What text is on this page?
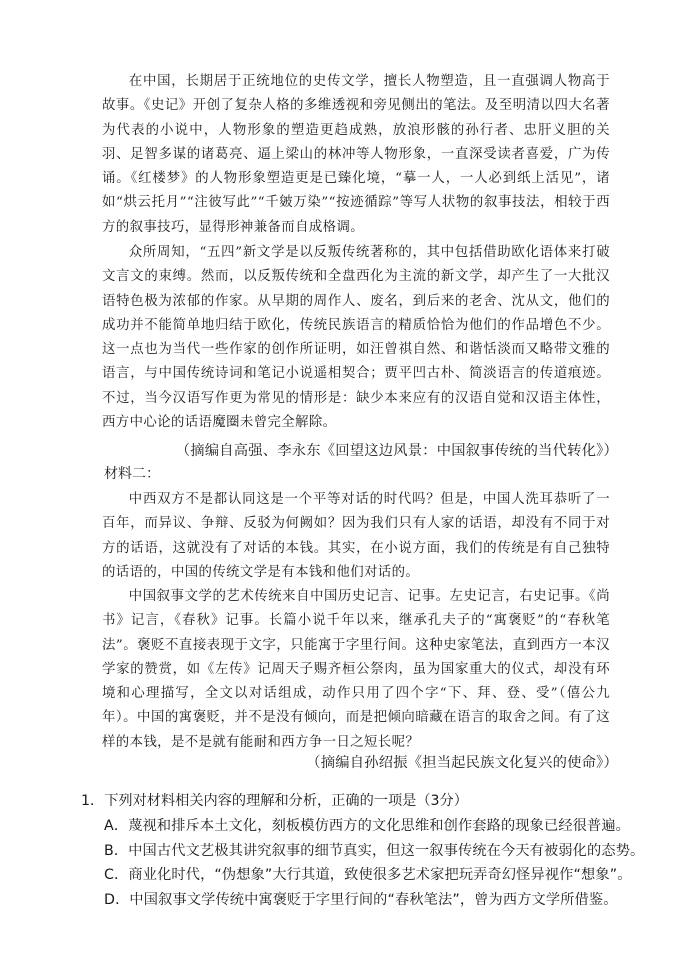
在中国，长期居于正统地位的史传文学，擅长人物塑造，且一直强调人物高于故事。《史记》开创了复杂人格的多维透视和旁见侧出的笔法。及至明清以四大名著为代表的小说中，人物形象的塑造更趋成熟，放浪形骸的孙行者、忠肝义胆的关羽、足智多谋的诸葛亮、逼上梁山的林冲等人物形象，一直深受读者喜爱，广为传诵。《红楼梦》的人物形象塑造更是已臻化境，“摹一人，一人必到纸上活见”，诸如“烘云托月”“注彼写此”“千皴万染”“按迹循踪”等写人状物的叙事技法，相较于西方的叙事技巧，显得形神兼备而自成格调。

众所周知，“五四”新文学是以反叛传统著称的，其中包括借助欧化语体来打破文言文的束缚。然而，以反叛传统和全盘西化为主流的新文学，却产生了一大批汉语特色极为浓郁的作家。从早期的周作人、废名，到后来的老舍、沈从文，他们的成功并不能简单地归结于欧化，传统民族语言的精质恰恰为他们的作品增色不少。这一点也为当代一些作家的创作所证明，如汪曾祺自然、和谐恬淡而又略带文雅的语言，与中国传统诗词和笔记小说遥相契合；贾平凹古朴、简淡语言的传道痕迹。不过，当今汉语写作更为常见的情形是：缺少本来应有的汉语自觉和汉语主体性，西方中心论的话语魔圈未曾完全解除。

（摘编自高强、李永东《回望这边风景：中国叙事传统的当代转化》）
材料二：

中西双方不是都认同这是一个平等对话的时代吗？但是，中国人洗耳恭听了一百年，而异议、争辩、反驳为何阙如？因为我们只有人家的话语，却没有不同于对方的话语，这就没有了对话的本钱。其实，在小说方面，我们的传统是有自己独特的话语的，中国的传统文学是有本钱和他们对话的。

中国叙事文学的艺术传统来自中国历史记言、记事。左史记言，右史记事。《尚书》记言，《春秋》记事。长篇小说千年以来，继承孔夫子的“寓褒贬”的“春秋笔法”。褒贬不直接表现于文字，只能寓于字里行间。这种史家笔法，直到西方一本汉学家的赞赏，如《左传》记周天子赐齐桓公祭肉，虽为国家重大的仪式，却没有环境和心理描写，全文以对话组成，动作只用了四个字“下、拜、登、受”（僖公九年）。中国的寓褒贬，并不是没有倾向，而是把倾向暗藏在语言的取舍之间。有了这样的本钱，是不是就有能耐和西方争一日之短长呢？

（摘编自孙绍振《担当起民族文化复兴的使命》）
1．下列对材料相关内容的理解和分析，正确的一项是（3分）
A．蔑视和排斥本土文化，刻板模仿西方的文化思维和创作套路的现象已经很普遍。
B．中国古代文艺极其讲究叙事的细节真实，但这一叙事传统在今天有被弱化的态势。
C．商业化时代，“伪想象”大行其道，致使很多艺术家把玩弄奇幻怪异视作“想象”。
D．中国叙事文学传统中寓褒贬于字里行间的“春秋笔法”，曾为西方文学所借鉴。
